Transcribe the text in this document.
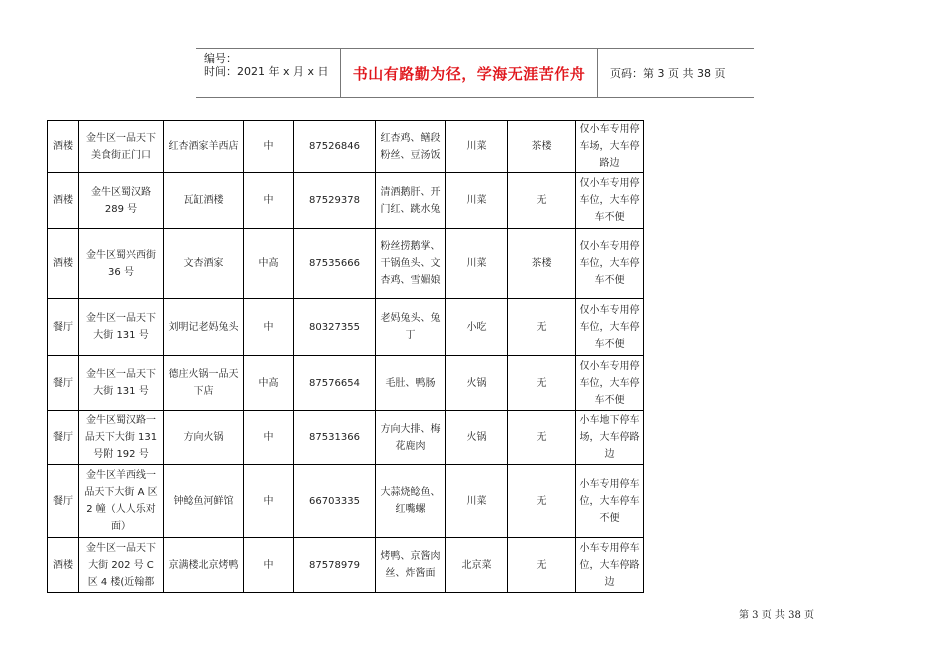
编号：
时间：2021 年 x 月 x 日	书山有路勤为径，学海无涯苦作舟	页码：第 3 页 共 38 页
酒楼	金牛区一品天下美食街正门口	红杏酒家羊西店	中	87526846	红杏鸡、鳝段粉丝、豆汤饭	川菜	茶楼	仅小车专用停车场，大车停路边
酒楼	金牛区蜀汉路289 号	瓦缸酒楼	中	87529378	清酒鹅肝、开门红、跳水兔	川菜	无	仅小车专用停车位，大车停车不便
酒楼	金牛区蜀兴西街 36 号	文杏酒家	中高	87535666	粉丝捞鹅掌、干锅鱼头、文杏鸡、雪媚娘	川菜	茶楼	仅小车专用停车位，大车停车不便
餐厅	金牛区一品天下大街 131 号	刘明记老妈兔头	中	80327355	老妈兔头、兔丁	小吃	无	仅小车专用停车位，大车停车不便
餐厅	金牛区一品天下大街 131 号	德庄火锅一品天下店	中高	87576654	毛肚、鸭肠	火锅	无	仅小车专用停车位，大车停车不便
餐厅	金牛区蜀汉路一品天下大街 131 号附 192 号	方向火锅	中	87531366	方向大排、梅花鹿肉	火锅	无	小车地下停车场，大车停路边
餐厅	金牛区羊西线一品天下大街 A 区 2 幢（人人乐对面）	钟鲶鱼河鲜馆	中	66703335	大蒜烧鲶鱼、红嘴螺	川菜	无	小车专用停车位，大车停车不便
酒楼	金牛区一品天下大街 202 号 C 区 4 楼(近翰都	京满楼北京烤鸭	中	87578979	烤鸭、京酱肉丝、炸酱面	北京菜	无	小车专用停车位，大车停路边
第 3 页 共 38 页
